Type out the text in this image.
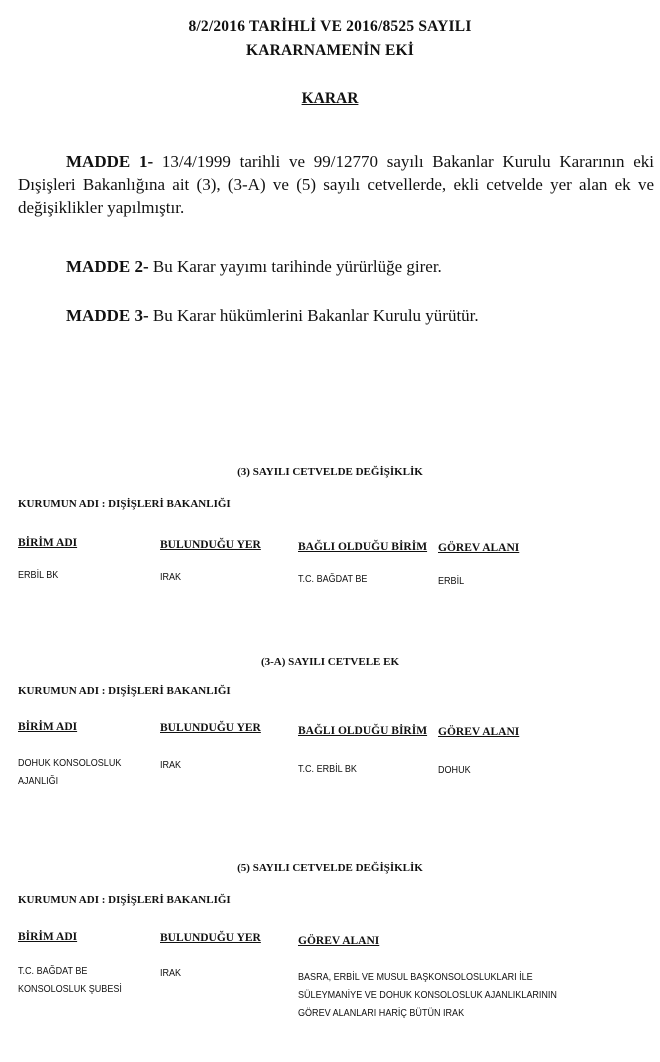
8/2/2016 TARİHLİ VE 2016/8525 SAYILI
KARARNAMENİN EKİ
KARAR
MADDE 1- 13/4/1999 tarihli ve 99/12770 sayılı Bakanlar Kurulu Kararının eki Dışişleri Bakanlığına ait (3), (3-A) ve (5) sayılı cetvellerde, ekli cetvelde yer alan ek ve değişiklikler yapılmıştır.
MADDE 2- Bu Karar yayımı tarihinde yürürlüğe girer.
MADDE 3- Bu Karar hükümlerini Bakanlar Kurulu yürütür.
(3) SAYILI CETVELDE DEĞİŞİKLİK
KURUMUN ADI : DIŞİŞLERİ BAKANLIĞI
BİRİM ADI	BULUNDUĞU YER	BAĞLI OLDUĞU BİRİM GÖREV ALANI
ERBİL BK	IRAK	T.C. BAĞDAT BE	ERBİL
(3-A) SAYILI CETVELE EK
KURUMUN ADI : DIŞİŞLERİ BAKANLIĞI
BİRİM ADI	BULUNDUĞU YER	BAĞLI OLDUĞU BİRİM GÖREV ALANI
DOHUK KONSOLOSLUK
AJANLIĞI
IRAK	T.C. ERBİL BK	DOHUK
(5) SAYILI CETVELDE DEĞİŞİKLİK
KURUMUN ADI : DIŞİŞLERİ BAKANLIĞI
BİRİM ADI	BULUNDUĞU YER	GÖREV ALANI
T.C. BAĞDAT BE
KONSOLOSLUK ŞUBESİ
IRAK	BASRA, ERBİL VE MUSUL BAŞKONSOLOSLUKLARI İLE
SÜLEYMANİYE VE DOHUK KONSOLOSLUK AJANLIKLARININ
GÖREV ALANLARI HARİÇ BÜTÜN IRAK
